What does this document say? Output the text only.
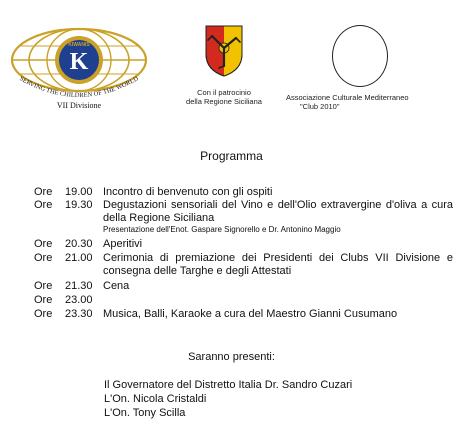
KIWANIS
K
SERVING THE CHILDREN OF THE WORLD
VII Divisione
Con il patrocinio
della Regione Siciliana	Associazione Culturale Mediterraneo
"Club 2010"
Programma
Ore 19.00 Incontro di benvenuto con gli ospiti
Ore 19.30 Degustazioni sensoriali del Vino e dell'Olio extravergine d'oliva a cura della Regione Siciliana
Presentazione dell'Enot. Gaspare Signorello e Dr. Antonino Maggio
Ore 20.30 Aperitivi
Ore 21.00 Cerimonia di premiazione dei Presidenti dei Clubs VII Divisione e consegna delle Targhe e degli Attestati
Ore 21.30 Cena
Ore 23.00
Ore 23.30 Musica, Balli, Karaoke a cura del Maestro Gianni Cusumano
Saranno presenti:
Il Governatore del Distretto Italia Dr. Sandro Cuzari
L'On. Nicola Cristaldi
L'On. Tony Scilla
